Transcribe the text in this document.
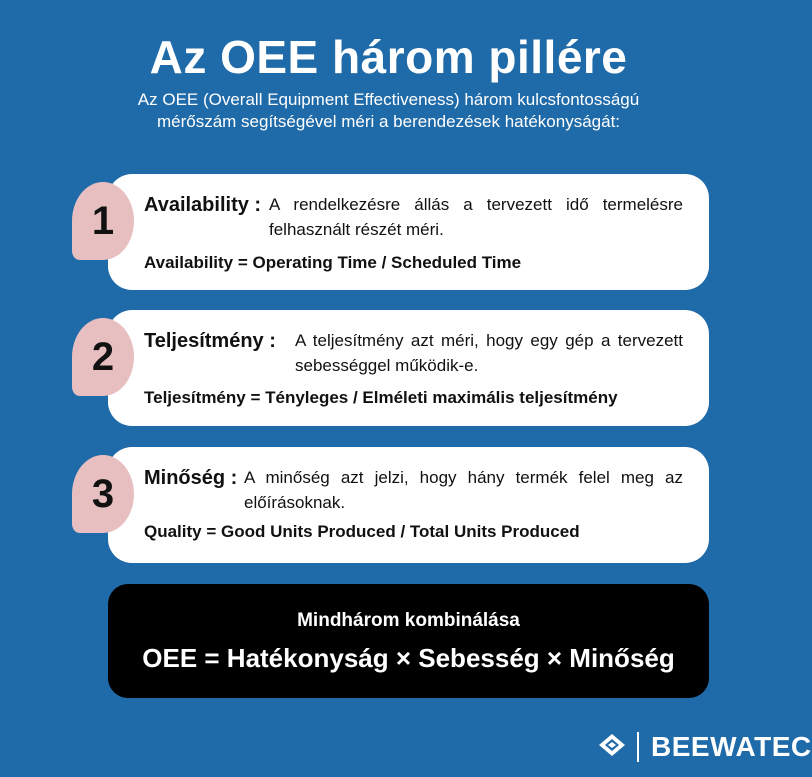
Az OEE három pillére
Az OEE (Overall Equipment Effectiveness) három kulcsfontosságú mérőszám segítségével méri a berendezések hatékonyságát:
Availability : A rendelkezésre állás a tervezett idő termelésre felhasznált részét méri.
Availability = Operating Time / Scheduled Time
1
Teljesítmény : A teljesítmény azt méri, hogy egy gép a tervezett sebességgel működik-e.
Teljesítmény = Tényleges / Elméleti maximális teljesítmény
2
Minőség : A minőség azt jelzi, hogy hány termék felel meg az előírásoknak.
Quality = Good Units Produced / Total Units Produced
3
Mindhárom kombinálása
OEE = Hatékonyság × Sebesség × Minőség
BEEWATEC
